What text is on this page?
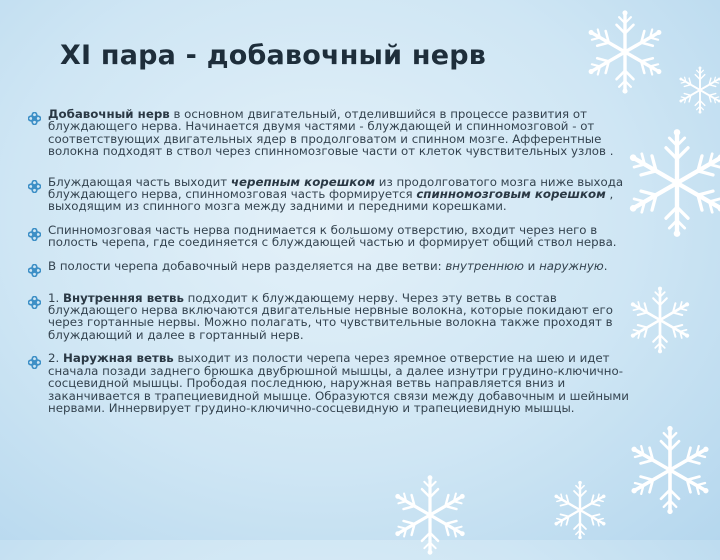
XI пара - добавочный нерв
Добавочный нерв в основном двигательный, отделившийся в процессе развития от блуждающего нерва. Начинается двумя частями - блуждающей и спинномозговой - от соответствующих двигательных ядер в продолговатом и спинном мозге. Афферентные волокна подходят в ствол через спинномозговые части от клеток чувствительных узлов .
Блуждающая часть выходит черепным корешком из продолговатого мозга ниже выхода блуждающего нерва, спинномозговая часть формируется спинномозговым корешком , выходящим из спинного мозга между задними и передними корешками.
Спинномозговая часть нерва поднимается к большому отверстию, входит через него в полость черепа, где соединяется с блуждающей частью и формирует общий ствол нерва.
В полости черепа добавочный нерв разделяется на две ветви: внутреннюю и наружную.
1. Внутренняя ветвь подходит к блуждающему нерву. Через эту ветвь в состав блуждающего нерва включаются двигательные нервные волокна, которые покидают его через гортанные нервы. Можно полагать, что чувствительные волокна также проходят в блуждающий и далее в гортанный нерв.
2. Наружная ветвь выходит из полости черепа через яремное отверстие на шею и идет сначала позади заднего брюшка двубрюшной мышцы, а далее изнутри грудино-ключично-сосцевидной мышцы. Прободая последнюю, наружная ветвь направляется вниз и заканчивается в трапециевидной мышце. Образуются связи между добавочным и шейными нервами. Иннервирует грудино-ключично-сосцевидную и трапециевидную мышцы.
